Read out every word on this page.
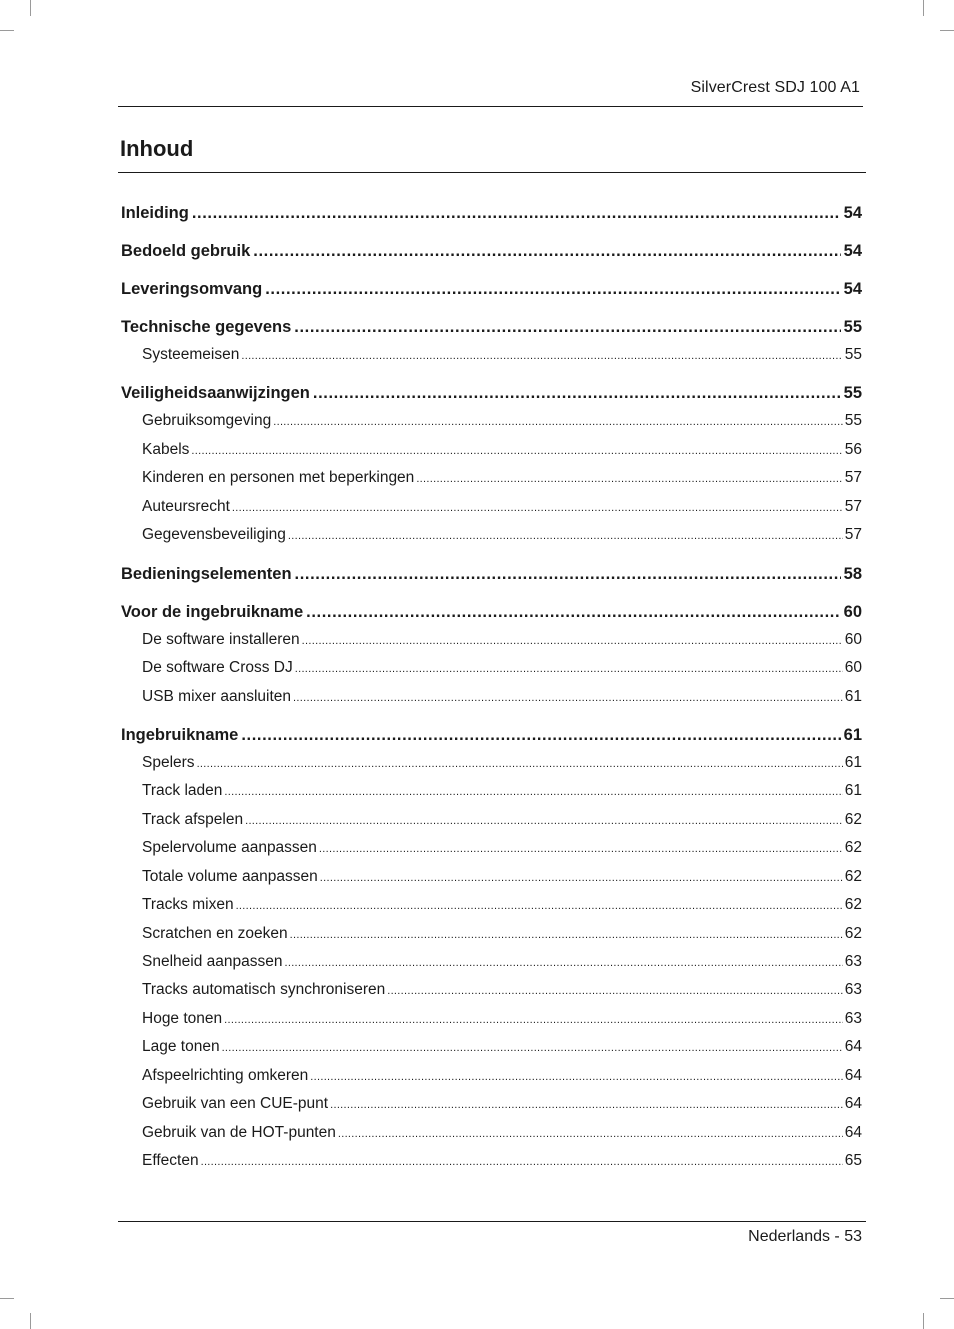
SilverCrest SDJ 100 A1
Inhoud
Inleiding .....	54
Bedoeld gebruik .....	54
Leveringsomvang .....	54
Technische gegevens .....	55
Systeemeisen .....	55
Veiligheidsaanwijzingen .....	55
Gebruiksomgeving .....	55
Kabels .....	56
Kinderen en personen met beperkingen .....	57
Auteursrecht .....	57
Gegevensbeveiliging .....	57
Bedieningselementen .....	58
Voor de ingebruikname .....	60
De software installeren .....	60
De software Cross DJ .....	60
USB mixer aansluiten .....	61
Ingebruikname .....	61
Spelers .....	61
Track laden .....	61
Track afspelen .....	62
Spelervolume aanpassen .....	62
Totale volume aanpassen .....	62
Tracks mixen .....	62
Scratchen en zoeken .....	62
Snelheid aanpassen .....	63
Tracks automatisch synchroniseren .....	63
Hoge tonen .....	63
Lage tonen .....	64
Afspeelrichting omkeren .....	64
Gebruik van een CUE-punt .....	64
Gebruik van de HOT-punten .....	64
Effecten .....	65
Nederlands - 53
